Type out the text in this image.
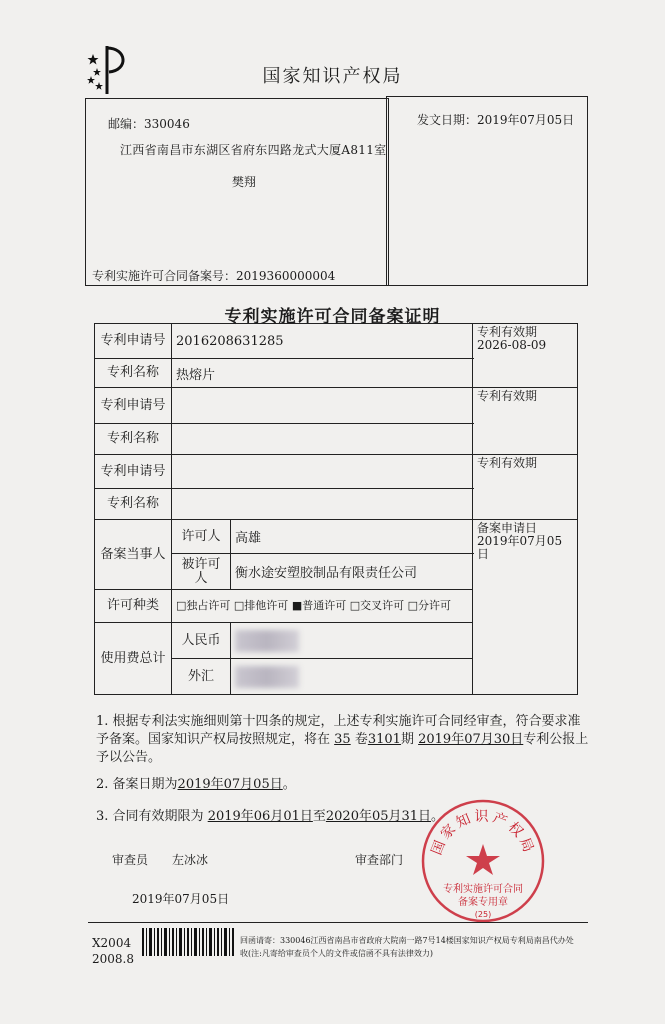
国家知识产权局
邮编：330046
江西省南昌市东湖区省府东四路龙式大厦A811室
樊翔
专利实施许可合同备案号：2019360000004
发文日期：2019年07月05日
专利实施许可合同备案证明
专利申请号	2016208631285		专利有效期
2026-08-09

专利名称	热熔片		

专利申请号			专利有效期

专利名称			
专利申请号			专利有效期

专利名称			
备案当事人	许可人	高雄	备案申请日
2019年07月05日

	被许可人	衡水途安塑胶制品有限责任公司	
许可种类	□独占许可 □排他许可 ■普通许可 □交叉许可 □分许可		
使用费总计	人民币		
	外汇		
1. 根据专利法实施细则第十四条的规定，上述专利实施许可合同经审查，符合要求准予备案。国家知识产权局按照规定，将在 35 卷3101期 2019年07月30日专利公报上予以公告。
2. 备案日期为2019年07月05日。
3. 合同有效期限为 2019年06月01日至2020年05月31日。
审查员 左冰冰	审查部门
2019年07月05日
国家知识产权局
专利实施许可合同
备案专用章
(25)
X2004
2008.8
回函请寄：330046江西省南昌市省政府大院南一路7号14楼国家知识产权局专利局南昌代办处
收(注:凡寄给审查员个人的文件或信函不具有法律效力)
